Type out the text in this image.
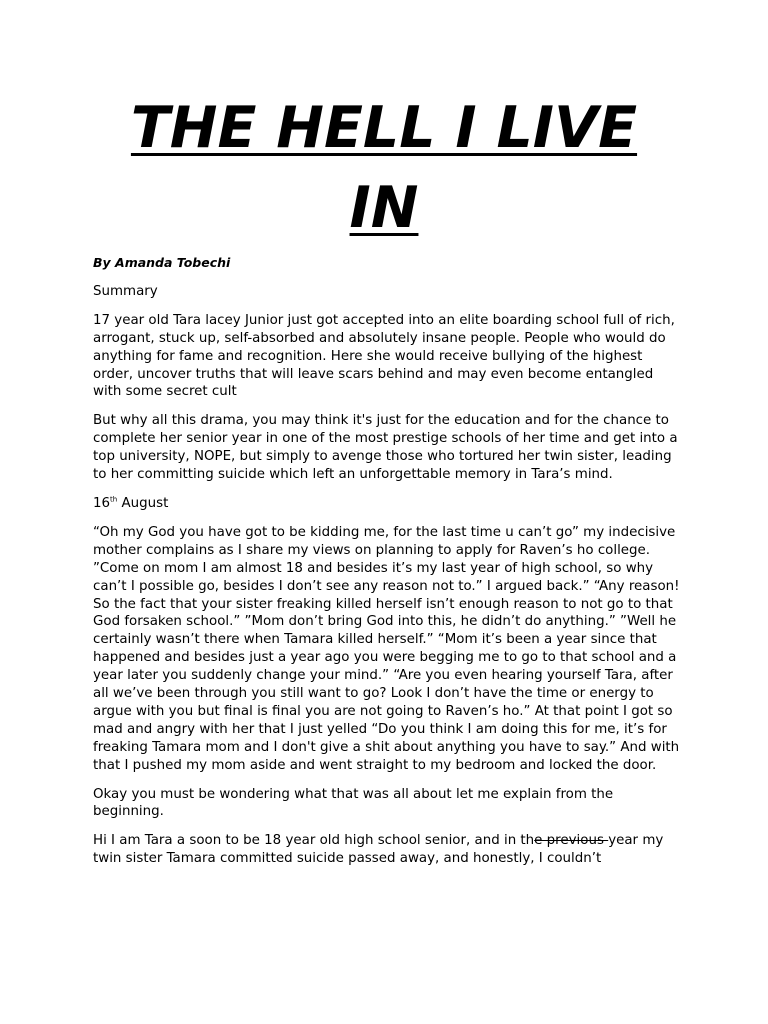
THE HELL I LIVE
IN

By Amanda Tobechi

Summary

17 year old Tara lacey Junior just got accepted into an elite boarding school full of rich, arrogant, stuck up, self-absorbed and absolutely insane people. People who would do anything for fame and recognition. Here she would receive bullying of the highest order, uncover truths that will leave scars behind and may even become entangled with some secret cult

But why all this drama, you may think it's just for the education and for the chance to complete her senior year in one of the most prestige schools of her time and get into a top university, NOPE, but simply to avenge those who tortured her twin sister, leading to her committing suicide which left an unforgettable memory in Tara’s mind.

16th August

“Oh my God you have got to be kidding me, for the last time u can’t go” my indecisive mother complains as I share my views on planning to apply for Raven’s ho college. ”Come on mom I am almost 18 and besides it’s my last year of high school, so why can’t I possible go, besides I don’t see any reason not to.” I argued back.” “Any reason! So the fact that your sister freaking killed herself isn’t enough reason to not go to that God forsaken school.” ”Mom don’t bring God into this, he didn’t do anything.” ”Well he certainly wasn’t there when Tamara killed herself.” “Mom it’s been a year since that happened and besides just a year ago you were begging me to go to that school and a year later you suddenly change your mind.” “Are you even hearing yourself Tara, after all we’ve been through you still want to go? Look I don’t have the time or energy to argue with you but final is final you are not going to Raven’s ho.” At that point I got so mad and angry with her that I just yelled “Do you think I am doing this for me, it’s for freaking Tamara mom and I don't give a shit about anything you have to say.” And with that I pushed my mom aside and went straight to my bedroom and locked the door.

Okay you must be wondering what that was all about let me explain from the beginning.

Hi I am Tara a soon to be 18 year old high school senior, and in the previous year my twin sister Tamara committed suicide passed away, and honestly, I couldn’t
